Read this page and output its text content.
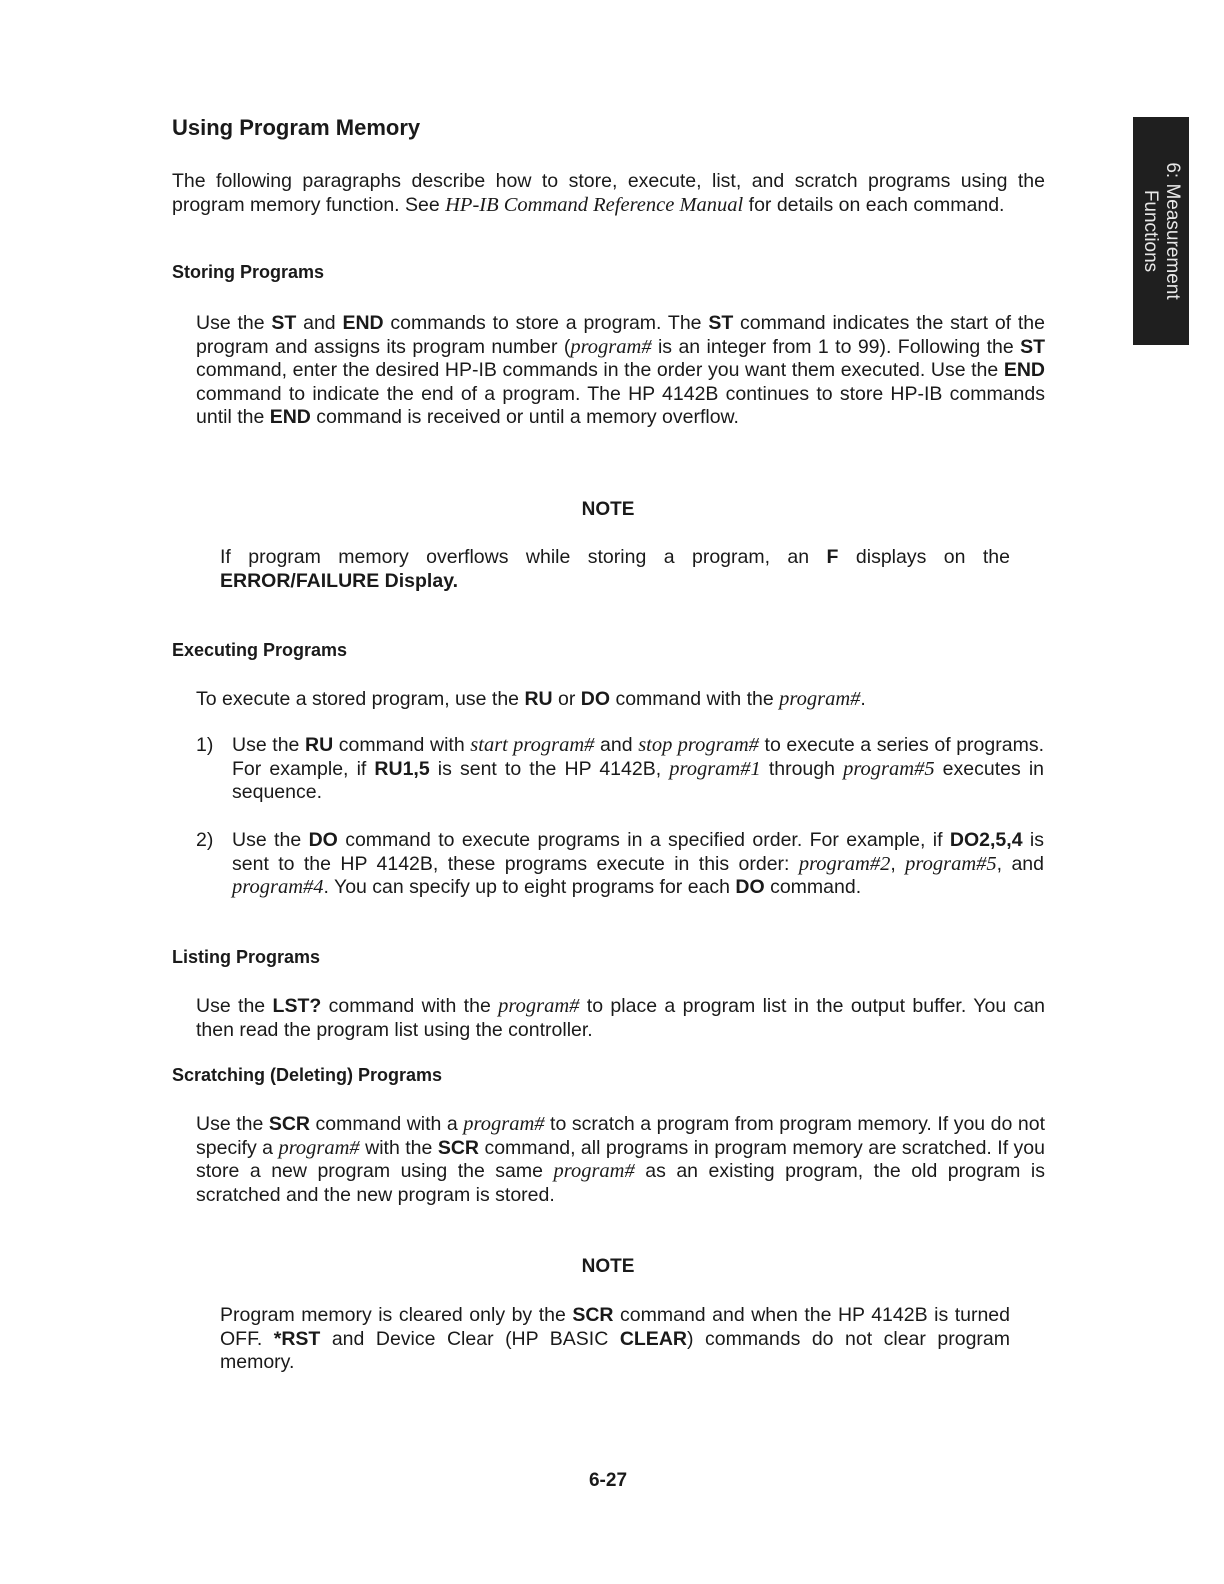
6: Measurement
Functions
Using Program Memory

The following paragraphs describe how to store, execute, list, and scratch programs using the program memory function. See HP-IB Command Reference Manual for details on each command.

Storing Programs

Use the ST and END commands to store a program. The ST command indicates the start of the program and assigns its program number (program# is an integer from 1 to 99). Following the ST command, enter the desired HP-IB commands in the order you want them executed. Use the END command to indicate the end of a program. The HP 4142B continues to store HP-IB commands until the END command is received or until a memory overflow.

NOTE

If program memory overflows while storing a program, an F displays on the ERROR/FAILURE Display.

Executing Programs

To execute a stored program, use the RU or DO command with the program#.

1) Use the RU command with start program# and stop program# to execute a series of programs. For example, if RU1,5 is sent to the HP 4142B, program#1 through program#5 executes in sequence.
2) Use the DO command to execute programs in a specified order. For example, if DO2,5,4 is sent to the HP 4142B, these programs execute in this order: program#2, program#5, and program#4. You can specify up to eight programs for each DO command.
Listing Programs

Use the LST? command with the program# to place a program list in the output buffer. You can then read the program list using the controller.

Scratching (Deleting) Programs

Use the SCR command with a program# to scratch a program from program memory. If you do not specify a program# with the SCR command, all programs in program memory are scratched. If you store a new program using the same program# as an existing program, the old program is scratched and the new program is stored.

NOTE

Program memory is cleared only by the SCR command and when the HP 4142B is turned OFF. *RST and Device Clear (HP BASIC CLEAR) commands do not clear program memory.

6-27
